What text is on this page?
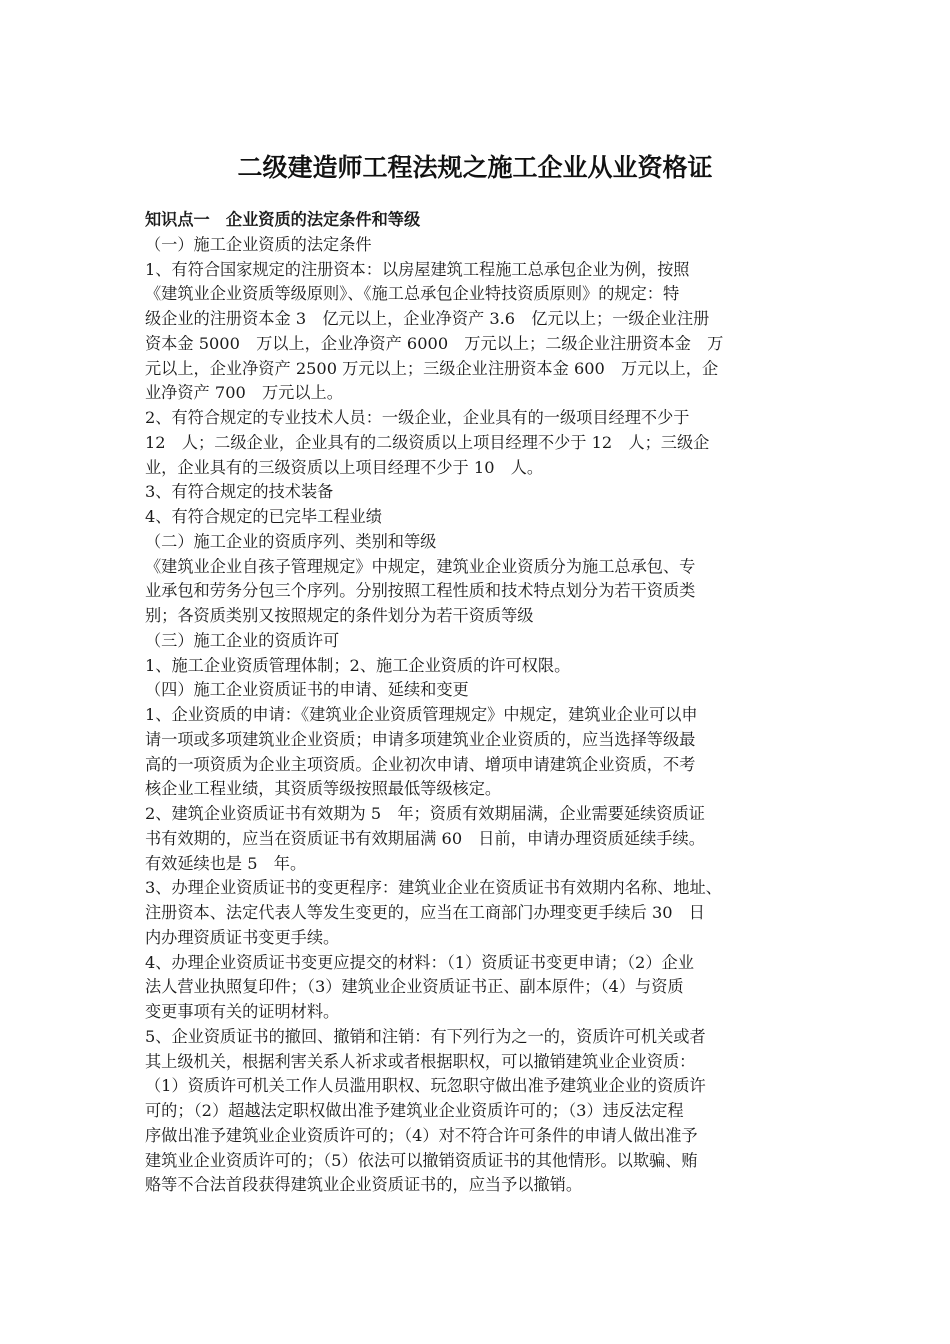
二级建造师工程法规之施工企业从业资格证

知识点一　企业资质的法定条件和等级

（一）施工企业资质的法定条件

1、有符合国家规定的注册资本：以房屋建筑工程施工总承包企业为例，按照

《建筑业企业资质等级原则》、《施工总承包企业特技资质原则》的规定：特

级企业的注册资本金 3　亿元以上，企业净资产 3.6　亿元以上；一级企业注册

资本金 5000　万以上，企业净资产 6000　万元以上；二级企业注册资本金　万

元以上，企业净资产 2500 万元以上；三级企业注册资本金 600　万元以上，企

业净资产 700　万元以上。

2、有符合规定的专业技术人员：一级企业，企业具有的一级项目经理不少于

12　人；二级企业，企业具有的二级资质以上项目经理不少于 12　人；三级企

业，企业具有的三级资质以上项目经理不少于 10　人。

3、有符合规定的技术装备

4、有符合规定的已完毕工程业绩

（二）施工企业的资质序列、类别和等级

《建筑业企业自孩子管理规定》中规定，建筑业企业资质分为施工总承包、专

业承包和劳务分包三个序列。分别按照工程性质和技术特点划分为若干资质类

别；各资质类别又按照规定的条件划分为若干资质等级

（三）施工企业的资质许可

1、施工企业资质管理体制；2、施工企业资质的许可权限。

（四）施工企业资质证书的申请、延续和变更

1、企业资质的申请：《建筑业企业资质管理规定》中规定，建筑业企业可以申

请一项或多项建筑业企业资质；申请多项建筑业企业资质的，应当选择等级最

高的一项资质为企业主项资质。企业初次申请、增项申请建筑企业资质，不考

核企业工程业绩，其资质等级按照最低等级核定。

2、建筑企业资质证书有效期为 5　年；资质有效期届满，企业需要延续资质证

书有效期的，应当在资质证书有效期届满 60　日前，申请办理资质延续手续。

有效延续也是 5　年。

3、办理企业资质证书的变更程序：建筑业企业在资质证书有效期内名称、地址、

注册资本、法定代表人等发生变更的，应当在工商部门办理变更手续后 30　日

内办理资质证书变更手续。

4、办理企业资质证书变更应提交的材料：（1）资质证书变更申请；（2）企业

法人营业执照复印件；（3）建筑业企业资质证书正、副本原件；（4）与资质

变更事项有关的证明材料。

5、企业资质证书的撤回、撤销和注销：有下列行为之一的，资质许可机关或者

其上级机关，根据利害关系人祈求或者根据职权，可以撤销建筑业企业资质：

（1）资质许可机关工作人员滥用职权、玩忽职守做出准予建筑业企业的资质许

可的；（2）超越法定职权做出准予建筑业企业资质许可的；（3）违反法定程

序做出准予建筑业企业资质许可的；（4）对不符合许可条件的申请人做出准予

建筑业企业资质许可的；（5）依法可以撤销资质证书的其他情形。以欺骗、贿

赂等不合法首段获得建筑业企业资质证书的，应当予以撤销。
